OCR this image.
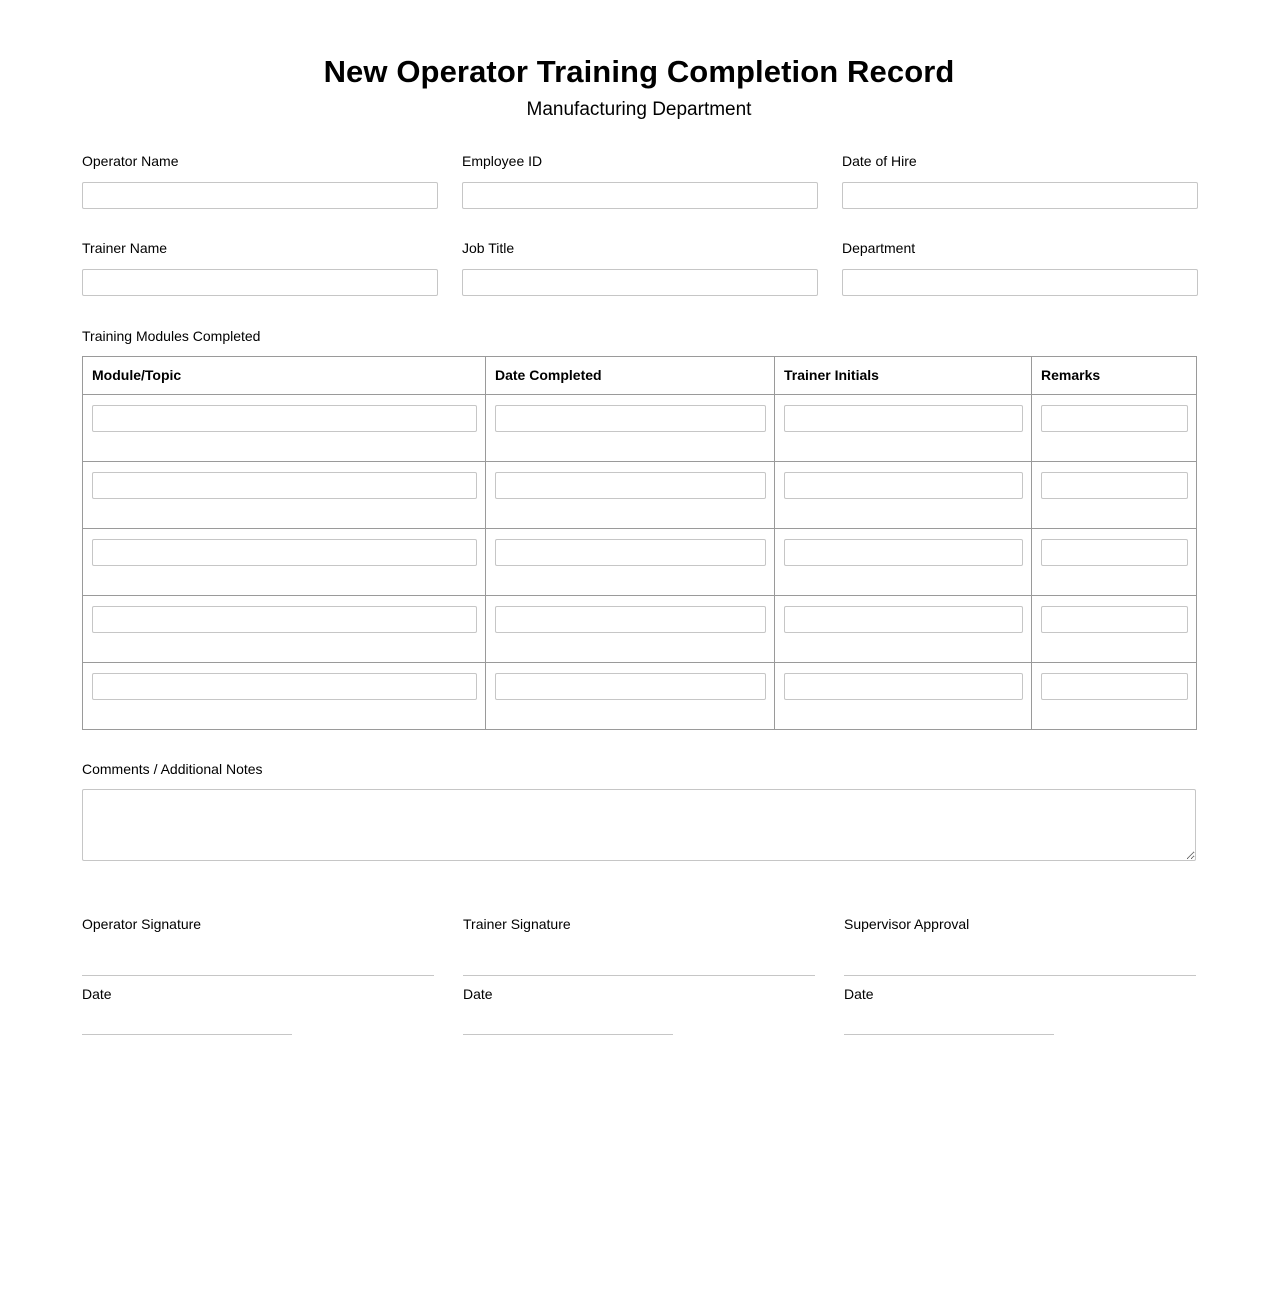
New Operator Training Completion Record
Manufacturing Department
Operator Name	Employee ID	Date of Hire
Trainer Name	Job Title	Department
Training Modules Completed
Module/Topic	Date Completed	Trainer Initials	Remarks

Comments / Additional Notes
Operator Signature
Date
Trainer Signature
Date
Supervisor Approval
Date
